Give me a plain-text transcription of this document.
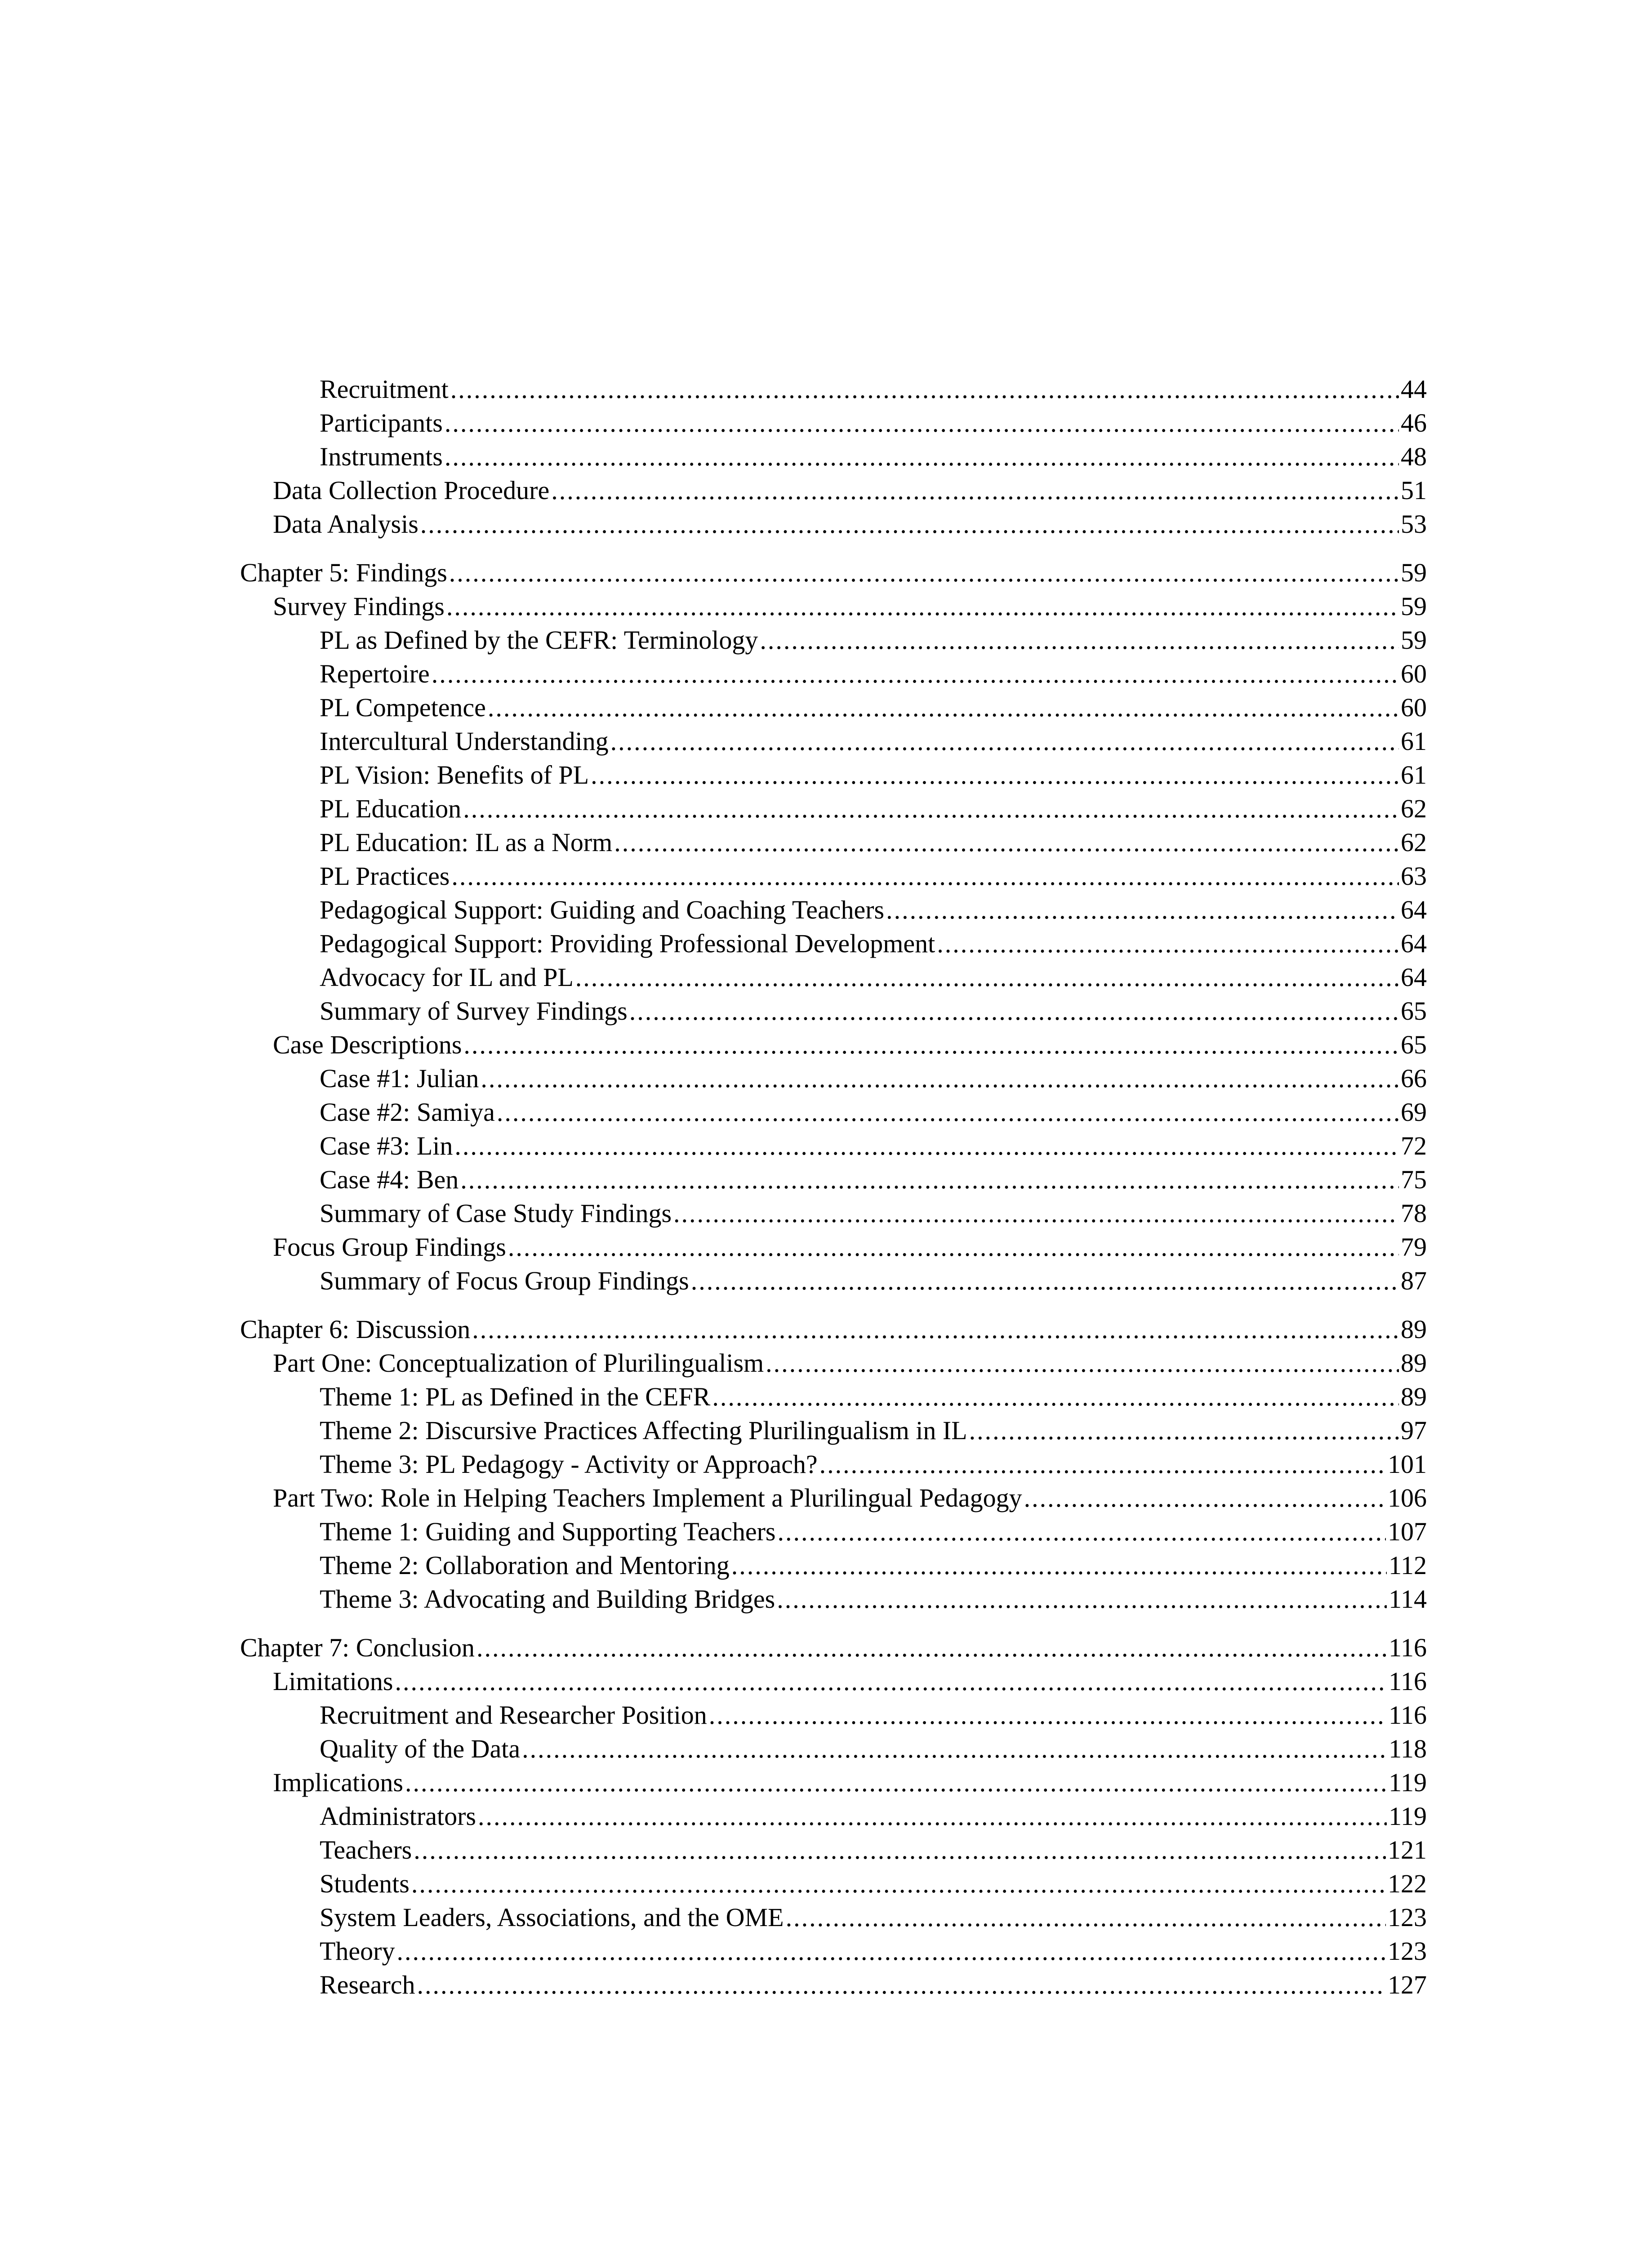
Recruitment .....	44
Participants .....	46
Instruments .....	48
Data Collection Procedure .....	51
Data Analysis .....	53
Chapter 5: Findings .....	59
Survey Findings .....	59
PL as Defined by the CEFR: Terminology .....	59
Repertoire .....	60
PL Competence .....	60
Intercultural Understanding .....	61
PL Vision: Benefits of PL .....	61
PL Education .....	62
PL Education: IL as a Norm .....	62
PL Practices .....	63
Pedagogical Support: Guiding and Coaching Teachers .....	64
Pedagogical Support: Providing Professional Development .....	64
Advocacy for IL and PL .....	64
Summary of Survey Findings .....	65
Case Descriptions .....	65
Case #1: Julian .....	66
Case #2: Samiya .....	69
Case #3: Lin .....	72
Case #4: Ben .....	75
Summary of Case Study Findings .....	78
Focus Group Findings .....	79
Summary of Focus Group Findings .....	87
Chapter 6: Discussion .....	89
Part One: Conceptualization of Plurilingualism .....	89
Theme 1: PL as Defined in the CEFR .....	89
Theme 2: Discursive Practices Affecting Plurilingualism in IL .....	97
Theme 3: PL Pedagogy - Activity or Approach? .....	101
Part Two: Role in Helping Teachers Implement a Plurilingual Pedagogy .....	106
Theme 1: Guiding and Supporting Teachers .....	107
Theme 2: Collaboration and Mentoring .....	112
Theme 3: Advocating and Building Bridges .....	114
Chapter 7: Conclusion .....	116
Limitations .....	116
Recruitment and Researcher Position .....	116
Quality of the Data .....	118
Implications .....	119
Administrators .....	119
Teachers .....	121
Students .....	122
System Leaders, Associations, and the OME .....	123
Theory .....	123
Research .....	127
